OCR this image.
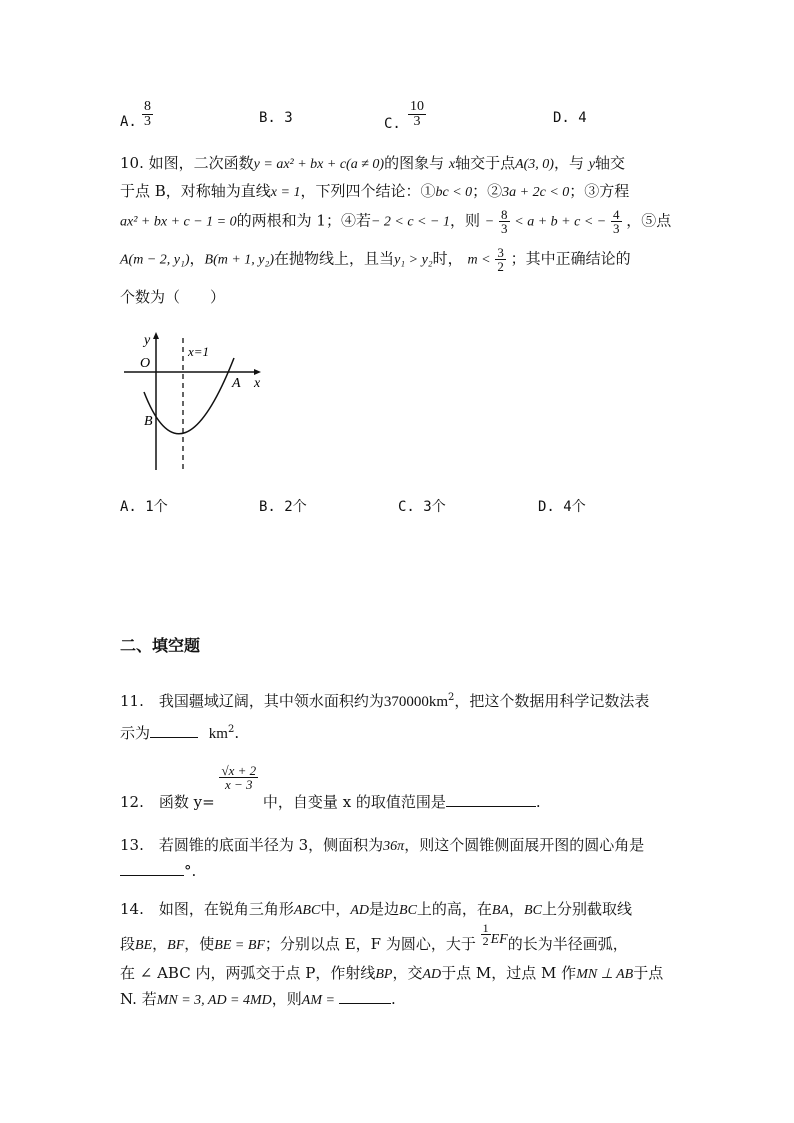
A. $\frac{8}{3}$	B. 3	C. $\frac{10}{3}$	D. 4
10. 如图，二次函数y = ax² + bx + c(a ≠ 0)的图象与 x轴交于点A(3, 0)，与 y轴交
于点 B，对称轴为直线x = 1，下列四个结论：①bc < 0；②3a + 2c < 0；③方程
ax² + bx + c − 1 = 0的两根和为 1；④若− 2 < c < − 1，则 − $\frac{8}{3} < a + b + c$ < − $\frac{4}{3}$ ，⑤点
A(m − 2, y₁)，B(m + 1, y₂)在抛物线上，且当y₁ > y₂时， $m < \frac{3}{2}$ ；其中正确结论的
个数为（　　）
y
x
O
x=1
A
B
A. 1个	B. 2个	C. 3个	D. 4个
二、填空题
11.　我国疆域辽阔，其中领水面积约为$370000km^2$，把这个数据用科学记数法表
示为	$km^2$.
12.　函数 y=
$\frac{√x + 2}{x - 3}$
中，自变量 x 的取值范围是	.
13.　若圆锥的底面半径为 3，侧面积为36π，则这个圆锥侧面展开图的圆心角是
°.
14.　如图，在锐角三角形ABC中，AD是边BC上的高，在BA，BC上分别截取线
段BE，BF，使BE = BF；分别以点 E，F 为圆心，大于 $\frac{1}{2}$ EF的长为半径画弧，
在 ∠ ABC 内，两弧交于点 P，作射线BP，交AD于点 M，过点 M 作MN ⊥ AB于点
N. 若MN = 3, AD = 4MD，则AM =	.
